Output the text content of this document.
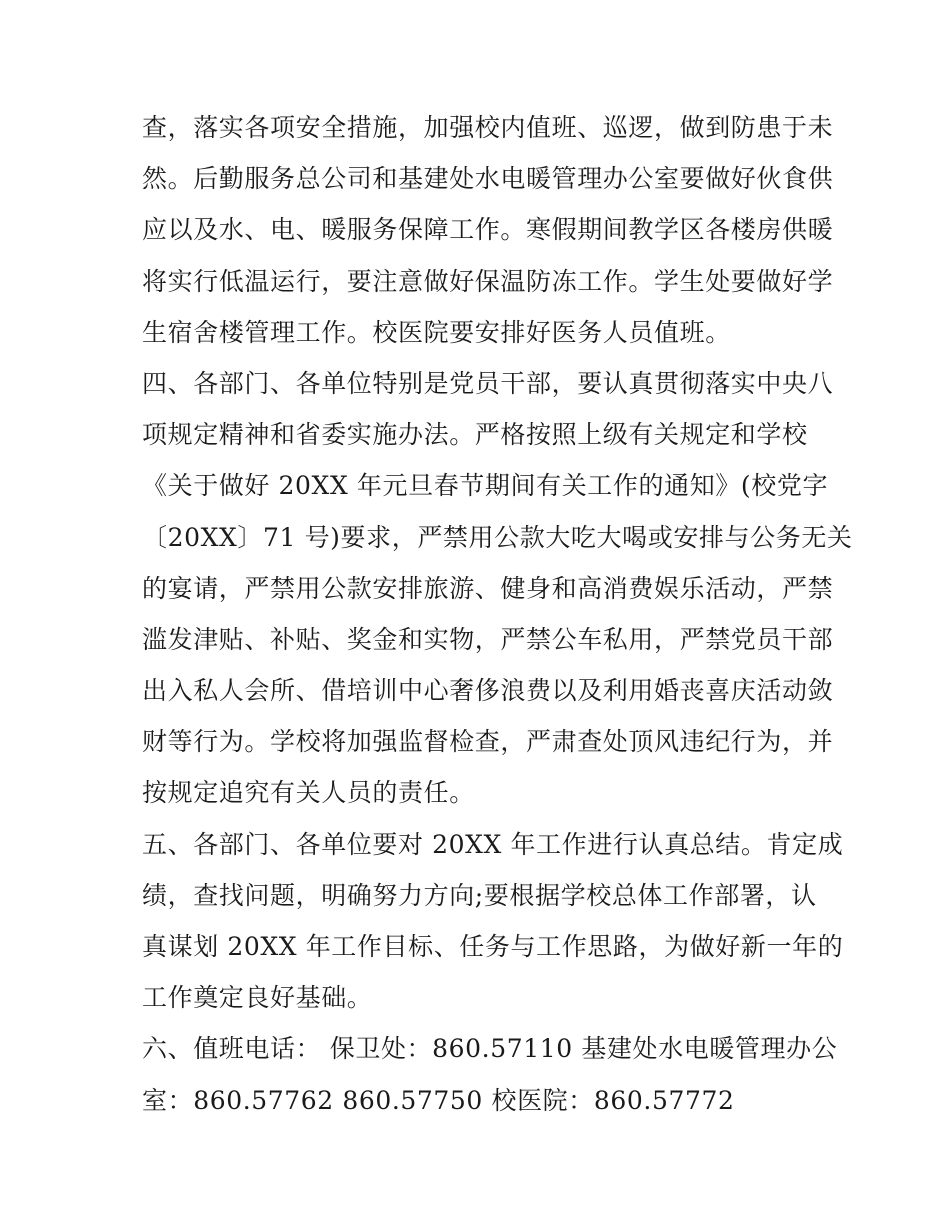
查，落实各项安全措施，加强校内值班、巡逻，做到防患于未
然。后勤服务总公司和基建处水电暖管理办公室要做好伙食供
应以及水、电、暖服务保障工作。寒假期间教学区各楼房供暖
将实行低温运行，要注意做好保温防冻工作。学生处要做好学
生宿舍楼管理工作。校医院要安排好医务人员值班。
四、各部门、各单位特别是党员干部，要认真贯彻落实中央八
项规定精神和省委实施办法。严格按照上级有关规定和学校
《关于做好 20XX 年元旦春节期间有关工作的通知》(校党字
〔20XX〕71 号)要求，严禁用公款大吃大喝或安排与公务无关
的宴请，严禁用公款安排旅游、健身和高消费娱乐活动，严禁
滥发津贴、补贴、奖金和实物，严禁公车私用，严禁党员干部
出入私人会所、借培训中心奢侈浪费以及利用婚丧喜庆活动敛
财等行为。学校将加强监督检查，严肃查处顶风违纪行为，并
按规定追究有关人员的责任。
五、各部门、各单位要对 20XX 年工作进行认真总结。肯定成
绩，查找问题，明确努力方向;要根据学校总体工作部署，认
真谋划 20XX 年工作目标、任务与工作思路，为做好新一年的
工作奠定良好基础。
六、值班电话： 保卫处：860.57110 基建处水电暖管理办公
室：860.57762 860.57750 校医院：860.57772
